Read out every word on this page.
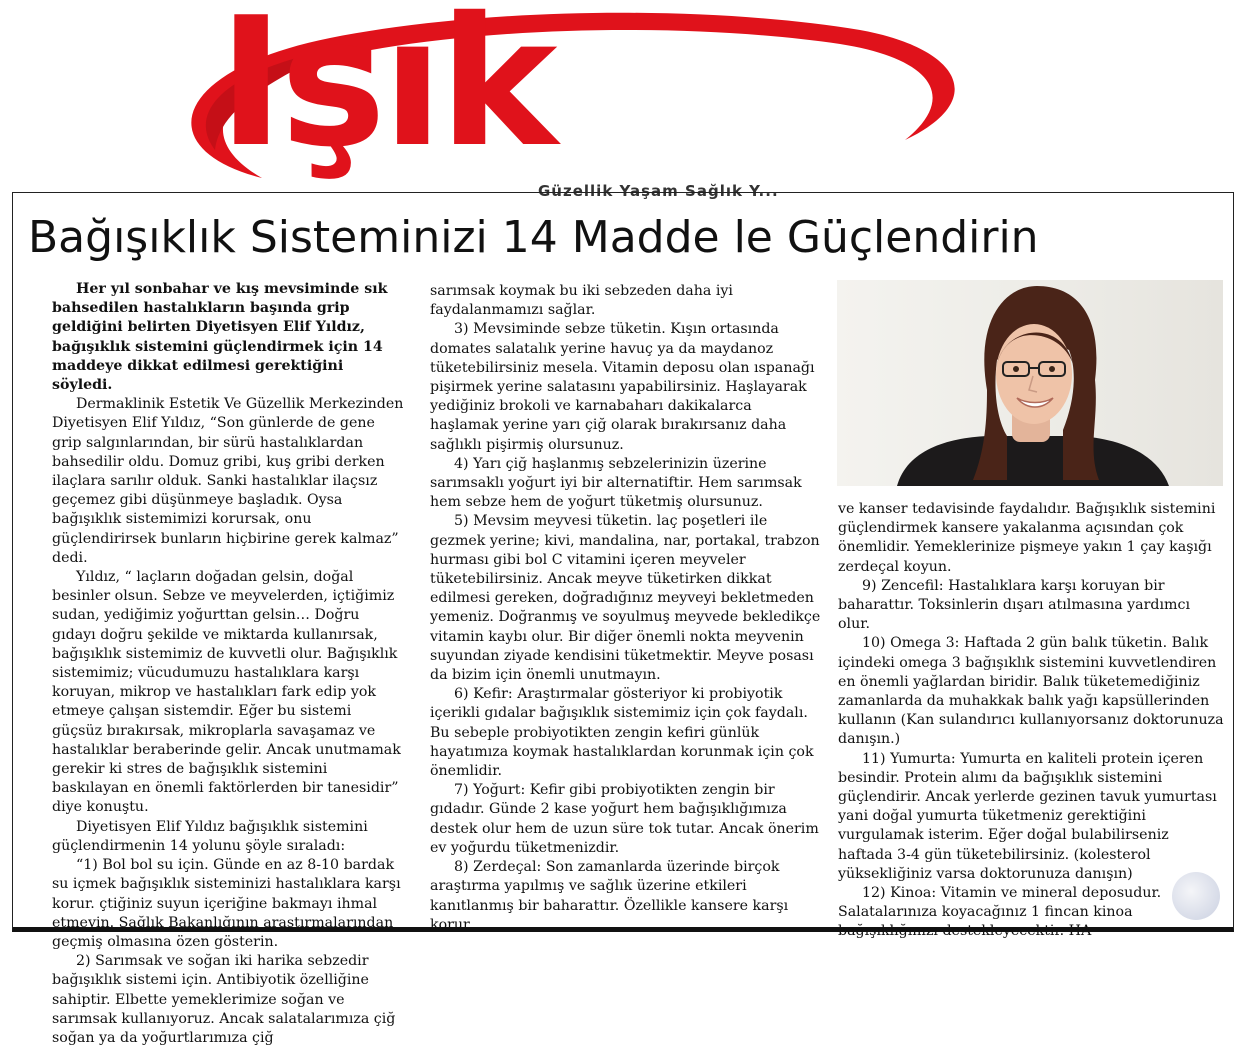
Işık
Güzellik Yaşam Sağlık Y...
Bağışıklık Sisteminizi 14 Madde le Güçlendirin

Her yıl sonbahar ve kış mevsiminde sık bahsedilen hastalıkların başında grip geldiğini belirten Diyetisyen Elif Yıldız, bağışıklık sistemini güçlendirmek için 14 maddeye dikkat edilmesi gerektiğini söyledi.

Dermaklinik Estetik Ve Güzellik Merkezinden Diyetisyen Elif Yıldız, “Son günlerde de gene grip salgınlarından, bir sürü hastalıklardan bahsedilir oldu. Domuz gribi, kuş gribi derken ilaçlara sarılır olduk. Sanki hastalıklar ilaçsız geçemez gibi düşünmeye başladık. Oysa bağışıklık sistemimizi korursak, onu güçlendirirsek bunların hiçbirine gerek kalmaz” dedi.

Yıldız, “ laçların doğadan gelsin, doğal besinler olsun. Sebze ve meyvelerden, içtiğimiz sudan, yediğimiz yoğurttan gelsin… Doğru gıdayı doğru şekilde ve miktarda kullanırsak, bağışıklık sistemimiz de kuvvetli olur. Bağışıklık sistemimiz; vücudumuzu hastalıklara karşı koruyan, mikrop ve hastalıkları fark edip yok etmeye çalışan sistemdir. Eğer bu sistemi güçsüz bırakırsak, mikroplarla savaşamaz ve hastalıklar beraberinde gelir. Ancak unutmamak gerekir ki stres de bağışıklık sistemini baskılayan en önemli faktörlerden bir tanesidir” diye konuştu.

Diyetisyen Elif Yıldız bağışıklık sistemini güçlendirmenin 14 yolunu şöyle sıraladı:

“1) Bol bol su için. Günde en az 8-10 bardak su içmek bağışıklık sisteminizi hastalıklara karşı korur. çtiğiniz suyun içeriğine bakmayı ihmal etmeyin. Sağlık Bakanlığının araştırmalarından geçmiş olmasına özen gösterin.

2) Sarımsak ve soğan iki harika sebzedir bağışıklık sistemi için. Antibiyotik özelliğine sahiptir. Elbette yemeklerimize soğan ve sarımsak kullanıyoruz. Ancak salatalarımıza çiğ soğan ya da yoğurtlarımıza çiğ

sarımsak koymak bu iki sebzeden daha iyi faydalanmamızı sağlar.

3) Mevsiminde sebze tüketin. Kışın ortasında domates salatalık yerine havuç ya da maydanoz tüketebilirsiniz mesela. Vitamin deposu olan ıspanağı pişirmek yerine salatasını yapabilirsiniz. Haşlayarak yediğiniz brokoli ve karnabaharı dakikalarca haşlamak yerine yarı çiğ olarak bırakırsanız daha sağlıklı pişirmiş olursunuz.

4) Yarı çiğ haşlanmış sebzelerinizin üzerine sarımsaklı yoğurt iyi bir alternatiftir. Hem sarımsak hem sebze hem de yoğurt tüketmiş olursunuz.

5) Mevsim meyvesi tüketin. laç poşetleri ile gezmek yerine; kivi, mandalina, nar, portakal, trabzon hurması gibi bol C vitamini içeren meyveler tüketebilirsiniz. Ancak meyve tüketirken dikkat edilmesi gereken, doğradığınız meyveyi bekletmeden yemeniz. Doğranmış ve soyulmuş meyvede bekledikçe vitamin kaybı olur. Bir diğer önemli nokta meyvenin suyundan ziyade kendisini tüketmektir. Meyve posası da bizim için önemli unutmayın.

6) Kefir: Araştırmalar gösteriyor ki probiyotik içerikli gıdalar bağışıklık sistemimiz için çok faydalı. Bu sebeple probiyotikten zengin kefiri günlük hayatımıza koymak hastalıklardan korunmak için çok önemlidir.

7) Yoğurt: Kefir gibi probiyotikten zengin bir gıdadır. Günde 2 kase yoğurt hem bağışıklığımıza destek olur hem de uzun süre tok tutar. Ancak önerim ev yoğurdu tüketmenizdir.

8) Zerdeçal: Son zamanlarda üzerinde birçok araştırma yapılmış ve sağlık üzerine etkileri kanıtlanmış bir baharattır. Özellikle kansere karşı korur

ve kanser tedavisinde faydalıdır. Bağışıklık sistemini güçlendirmek kansere yakalanma açısından çok önemlidir. Yemeklerinize pişmeye yakın 1 çay kaşığı zerdeçal koyun.

9) Zencefil: Hastalıklara karşı koruyan bir baharattır. Toksinlerin dışarı atılmasına yardımcı olur.

10) Omega 3: Haftada 2 gün balık tüketin. Balık içindeki omega 3 bağışıklık sistemini kuvvetlendiren en önemli yağlardan biridir. Balık tüketemediğiniz zamanlarda da muhakkak balık yağı kapsüllerinden kullanın (Kan sulandırıcı kullanıyorsanız doktorunuza danışın.)

11) Yumurta: Yumurta en kaliteli protein içeren besindir. Protein alımı da bağışıklık sistemini güçlendirir. Ancak yerlerde gezinen tavuk yumurtası yani doğal yumurta tüketmeniz gerektiğini vurgulamak isterim. Eğer doğal bulabilirseniz haftada 3-4 gün tüketebilirsiniz. (kolesterol yüksekliğiniz varsa doktorunuza danışın)

12) Kinoa: Vitamin ve mineral deposudur. Salatalarınıza koyacağınız 1 fincan kinoa bağışıklığınızı destekleyecektir. HA
